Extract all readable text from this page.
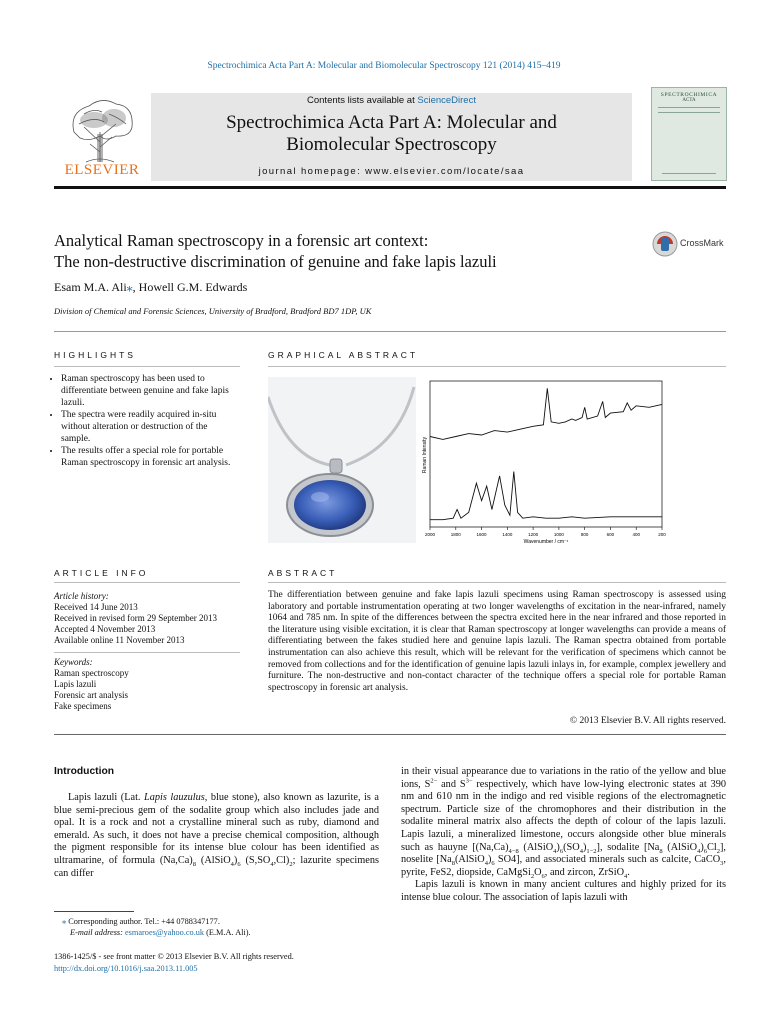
Spectrochimica Acta Part A: Molecular and Biomolecular Spectroscopy 121 (2014) 415–419
ELSEVIER
Contents lists available at ScienceDirect
Spectrochimica Acta Part A: Molecular and
Biomolecular Spectroscopy
journal homepage: www.elsevier.com/locate/saa
SPECTROCHIMICA
ACTA
Analytical Raman spectroscopy in a forensic art context:
The non-destructive discrimination of genuine and fake lapis lazuli
CrossMark
Esam M.A. Ali⁎, Howell G.M. Edwards
Division of Chemical and Forensic Sciences, University of Bradford, Bradford BD7 1DP, UK
HIGHLIGHTS
• Raman spectroscopy has been used to differentiate between genuine and fake lapis lazuli.
• The spectra were readily acquired in-situ without alteration or destruction of the sample.
• The results offer a special role for portable Raman spectroscopy in forensic art analysis.
GRAPHICAL ABSTRACT
2000	1800	1600	1400	1200	1000	800	600	400	200
Raman Intensity
Wavenumber / cm⁻¹
ARTICLE INFO
Article history:
Received 14 June 2013
Received in revised form 29 September 2013
Accepted 4 November 2013
Available online 11 November 2013
Keywords:
Raman spectroscopy
Lapis lazuli
Forensic art analysis
Fake specimens
ABSTRACT
The differentiation between genuine and fake lapis lazuli specimens using Raman spectroscopy is assessed using laboratory and portable instrumentation operating at two longer wavelengths of excitation in the near-infrared, namely 1064 and 785 nm. In spite of the differences between the spectra excited here in the near infrared and those reported in the literature using visible excitation, it is clear that Raman spectroscopy at longer wavelengths can provide a means of differentiating between the fakes studied here and genuine lapis lazuli. The Raman spectra obtained from portable instrumentation can also achieve this result, which will be relevant for the verification of specimens which cannot be removed from collections and for the identification of genuine lapis lazuli inlays in, for example, complex jewellery and furniture. The non-destructive and non-contact character of the technique offers a special role for portable Raman spectroscopy in forensic art analysis.
© 2013 Elsevier B.V. All rights reserved.
Introduction
Lapis lazuli (Lat. Lapis lauzulus, blue stone), also known as lazurite, is a blue semi-precious gem of the sodalite group which also includes jade and opal. It is a rock and not a crystalline mineral such as ruby, diamond and emerald. As such, it does not have a precise chemical composition, although the pigment responsible for its intense blue colour has been identified as ultramarine, of formula $(Na,Ca)_8$ $(AlSiO_4)_6$ $(S,SO_4,Cl)_2$; lazurite specimens can differ
in their visual appearance due to variations in the ratio of the yellow and blue ions, $S^{2-}$ and $S^{3-}$ respectively, which have low-lying electronic states at 390 nm and 610 nm in the indigo and red visible regions of the electromagnetic spectrum. Particle size of the chromophores and their distribution in the sodalite mineral matrix also affects the depth of colour of the lapis lazuli. Lapis lazuli, a mineralized limestone, occurs alongside other blue minerals such as hauyne [$(Na,Ca)_{4-8}$ $(AlSiO_4)_6(SO_4)_{1-2}$], sodalite [$Na_8$ $(AlSiO_4)_6Cl_2$], noselite [$Na_8(AlSiO_4)_6$ SO4], and associated minerals such as calcite, CaCO$_3$, pyrite, FeS2, diopside, $CaMgSi_2O_6$, and zircon, ZrSiO$_4$.
Lapis lazuli is known in many ancient cultures and highly prized for its intense blue colour. The association of lapis lazuli with
⁎ Corresponding author. Tel.: +44 0788347177.
E-mail address: esmaroes@yahoo.co.uk (E.M.A. Ali).
1386-1425/$ - see front matter © 2013 Elsevier B.V. All rights reserved.
http://dx.doi.org/10.1016/j.saa.2013.11.005
